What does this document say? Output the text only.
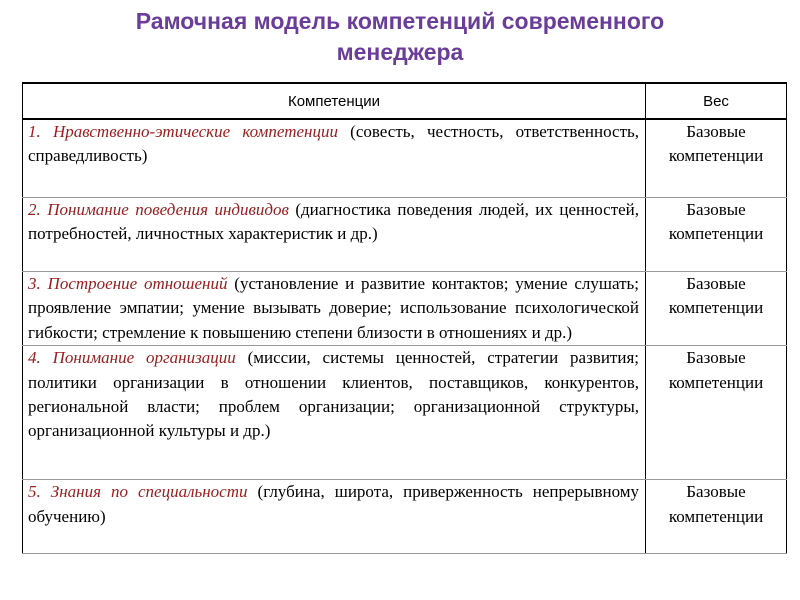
Рамочная модель компетенций современного
менеджера
Компетенции	Вес
1. Нравственно-этические компетенции (совесть, честность, ответственность, справедливость)	Базовые компетенции
2. Понимание поведения индивидов (диагностика поведения людей, их ценностей, потребностей, личностных характеристик и др.)	Базовые компетенции
3. Построение отношений (установление и развитие контактов; умение слушать; проявление эмпатии; умение вызывать доверие; использование психологической гибкости; стремление к повышению степени близости в отношениях и др.)	Базовые компетенции
4. Понимание организации (миссии, системы ценностей, стратегии развития; политики организации в отношении клиентов, поставщиков, конкурентов, региональной власти; проблем организации; организационной структуры, организационной культуры и др.)	Базовые компетенции
5. Знания по специальности (глубина, широта, приверженность непрерывному обучению)	Базовые компетенции
